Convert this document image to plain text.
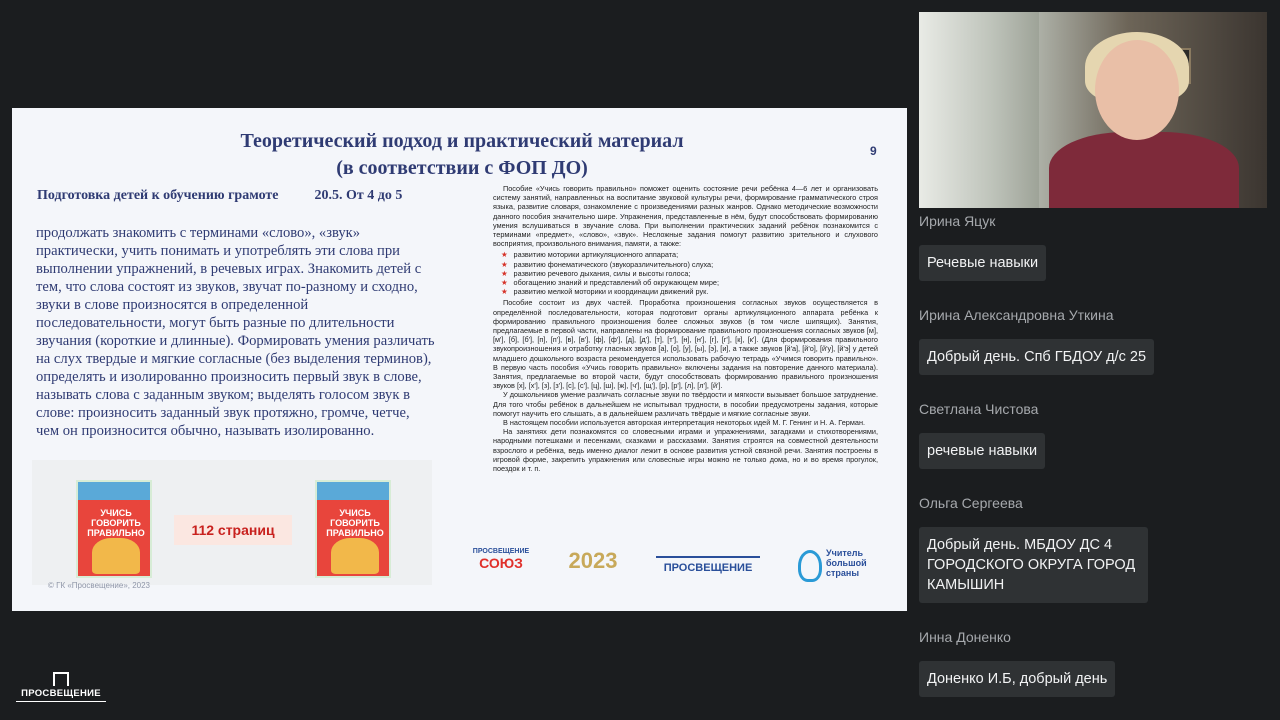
Теоретический подход и практический материал
(в соответствии с ФОП ДО)
9
Подготовка детей к обучению грамоте	20.5. От 4 до 5
продолжать знакомить с терминами «слово», «звук» практически, учить понимать и употреблять эти слова при выполнении упражнений, в речевых играх. Знакомить детей с тем, что слова состоят из звуков, звучат по-разному и сходно, звуки в слове произносятся в определенной последовательности, могут быть разные по длительности звучания (короткие и длинные). Формировать умения различать на слух твердые и мягкие согласные (без выделения терминов), определять и изолированно произносить первый звук в слове, называть слова с заданным звуком; выделять голосом звук в слове: произносить заданный звук протяжно, громче, четче, чем он произносится обычно, называть изолированно.
УЧИСЬ ГОВОРИТЬ ПРАВИЛЬНО	112 страниц
УЧИСЬ ГОВОРИТЬ ПРАВИЛЬНО
© ГК «Просвещение», 2023

Пособие «Учись говорить правильно» поможет оценить состояние речи ребёнка 4—6 лет и организовать систему занятий, направленных на воспитание звуковой культуры речи, формирование грамматического строя языка, развитие словаря, ознакомление с произведениями разных жанров. Однако методические возможности данного пособия значительно шире. Упражнения, представленные в нём, будут способствовать формированию умения вслушиваться в звучание слова. При выполнении практических заданий ребёнок познакомится с терминами «предмет», «слово», «звук». Несложные задания помогут развитию зрительного и слухового восприятия, произвольного внимания, памяти, а также:

★ развитию моторики артикуляционного аппарата;
★ развитию фонематического (звукоразличительного) слуха;
★ развитию речевого дыхания, силы и высоты голоса;
★ обогащению знаний и представлений об окружающем мире;
★ развитию мелкой моторики и координации движений рук.

Пособие состоит из двух частей. Проработка произношения согласных звуков осуществляется в определённой последовательности, которая подготовит органы артикуляционного аппарата ребёнка к формированию правильного произношения более сложных звуков (в том числе шипящих). Занятия, предлагаемые в первой части, направлены на формирование правильного произношения согласных звуков [м], [м'], [б], [б'], [п], [п'], [в], [в'], [ф], [ф'], [д], [д'], [т], [т'], [н], [н'], [г], [г'], [к], [к']. (Для формирования правильного звукопроизношения и отработку гласных звуков [а], [о], [у], [ы], [э], [и], а также звуков [й'а], [й'о], [й'у], [й'э] у детей младшего дошкольного возраста рекомендуется использовать рабочую тетрадь «Учимся говорить правильно». В первую часть пособия «Учись говорить правильно» включены задания на повторение данного материала). Занятия, предлагаемые во второй части, будут способствовать формированию правильного произношения звуков [х], [х'], [з], [з'], [с], [с'], [ц], [ш], [ж], [ч'], [щ'], [р], [р'], [л], [л'], [й'].

У дошкольников умение различать согласные звуки по твёрдости и мягкости вызывает большое затруднение. Для того чтобы ребёнок в дальнейшем не испытывал трудности, в пособии предусмотрены задания, которые помогут научить его слышать, а в дальнейшем различать твёрдые и мягкие согласные звуки.

В настоящем пособии используется авторская интерпретация некоторых идей М. Г. Генинг и Н. А. Герман.

На занятиях дети познакомятся со словесными играми и упражнениями, загадками и стихотворениями, народными потешками и песенками, сказками и рассказами. Занятия строятся на совместной деятельности взрослого и ребёнка, ведь именно диалог лежит в основе развития устной связной речи. Занятия построены в игровой форме, закрепить упражнения или словесные игры можно не только дома, но и во время прогулок, поездок и т. п.

ПРОСВЕЩЕНИЕ
СОЮЗ	2023	ПРОСВЕЩЕНИЕ
Учитель большой страны
Ирина Яцук
Речевые навыки
Ирина Александровна Уткина
Добрый день. Спб ГБДОУ д/с 25
Светлана Чистова
речевые навыки
Ольга Сергеева
Добрый день. МБДОУ ДС 4 ГОРОДСКОГО ОКРУГА ГОРОД КАМЫШИН
Инна Доненко
Доненко И.Б, добрый день
ПРОСВЕЩЕНИЕ
